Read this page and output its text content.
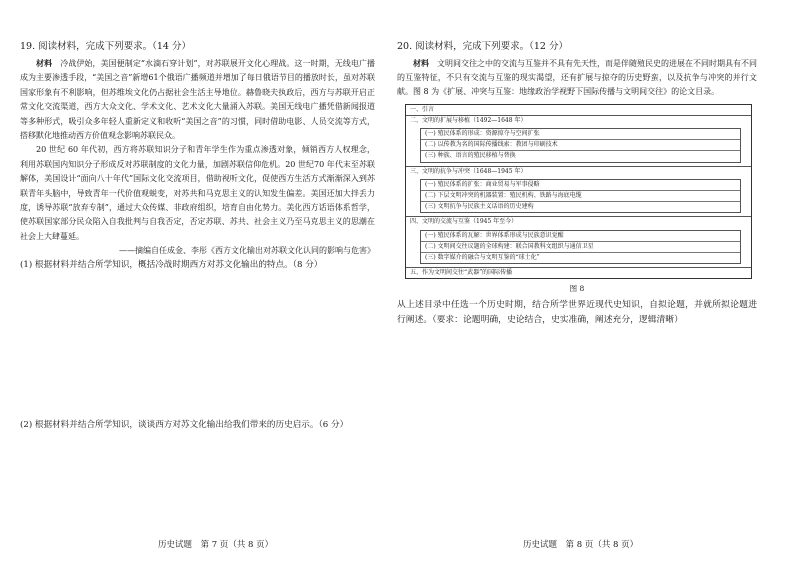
19. 阅读材料，完成下列要求。（14 分）

材料　 冷战伊始，美国便制定“水滴石穿计划”，对苏联展开文化心理战。这一时期，无线电广播成为主要渗透手段，“美国之音”新增61个俄语广播频道并增加了每日俄语节目的播放时长，虽对苏联国家形象有不利影响，但苏维埃文化仍占据社会生活主导地位。赫鲁晓夫执政后，西方与苏联开启正常文化交流渠道，西方大众文化、学术文化、艺术文化大量涌入苏联。美国无线电广播凭借新闻报道等多种形式，吸引众多年轻人重新定义和收听“美国之音”的习惯，同时借助电影、人员交流等方式，搭移默化地推动西方价值观念影响苏联民众。

20 世纪 60 年代初，西方将苏联知识分子和青年学生作为重点渗透对象，倾销西方人权理念，利用苏联国内知识分子形成反对苏联制度的文化力量，加剧苏联信仰危机。20 世纪70 年代末至苏联解体，美国设计“面向八十年代”国际文化交流项目，借助视听文化，促使西方生活方式渐渐深入到苏联青年头脑中，导致青年一代价值观蜕变，对苏共和马克思主义的认知发生偏差。美国还加大拌丢力度，诱导苏联“放弃专制”，通过大众传媒、非政府组织，培育自由化势力。美化西方话语体系哲学，使苏联国家部分民众陷入自我批判与自我否定，否定苏联、苏共、社会主义乃至马克思主义的思潮在社会上大肆蔓延。

——摘编自任成金、李彤《西方文化输出对苏联文化认同的影响与危害》

(1) 根据材料并结合所学知识，概括冷战时期西方对苏文化输出的特点。（8 分）

(2) 根据材料并结合所学知识，谈谈西方对苏文化输出给我们带来的历史启示。（6 分）

20. 阅读材料，完成下列要求。（12 分）

材料　 文明间交往之中的交流与互鉴并不具有先天性，而是伴随殖民史的进展在不同时期具有不同的互鉴特征，不只有交流与互鉴的现实渴望，还有扩展与掠夺的历史野蛮，以及抗争与冲突的并行文献。图 8 为《扩展、冲突与互鉴：地缘政治学视野下国际传播与文明间交往》的论文目录。

一、引言
二、文明的扩展与移植（1492—1648 年）
(一) 殖民体系的形成：资源掠夺与空间扩张
(二) 以传教为名的国际传播线索：教团与印刷技术
(三) 种族、语言的殖民移植与替换
三、文明的抗争与冲突（1648—1945 年）
(一) 殖民体系的扩张：商业贸易与军事侵略
(二) 下层文明冲突的机器装置：殖民机构、铁路与海底电缆
(三) 文明抗争与民族主义话语的历史建构
四、文明的交流与互鉴（1945 年至今）
(一) 殖民体系的瓦解：世界体系形成与民族意识觉醒
(二) 文明间交往议题的全球构建：联合国教科文组织与通信卫星
(三) 数字媒介的融合与文明互鉴的“球土化”
五、作为文明间交往“武器”的国际传播

图 8

从上述目录中任选一个历史时期，结合所学世界近现代史知识，自拟论题，并就所拟论题进行阐述。（要求：论题明确，史论结合，史实准确，阐述充分，逻辑清晰）

历史试题　第 7 页（共 8 页）	历史试题　第 8 页（共 8 页）
